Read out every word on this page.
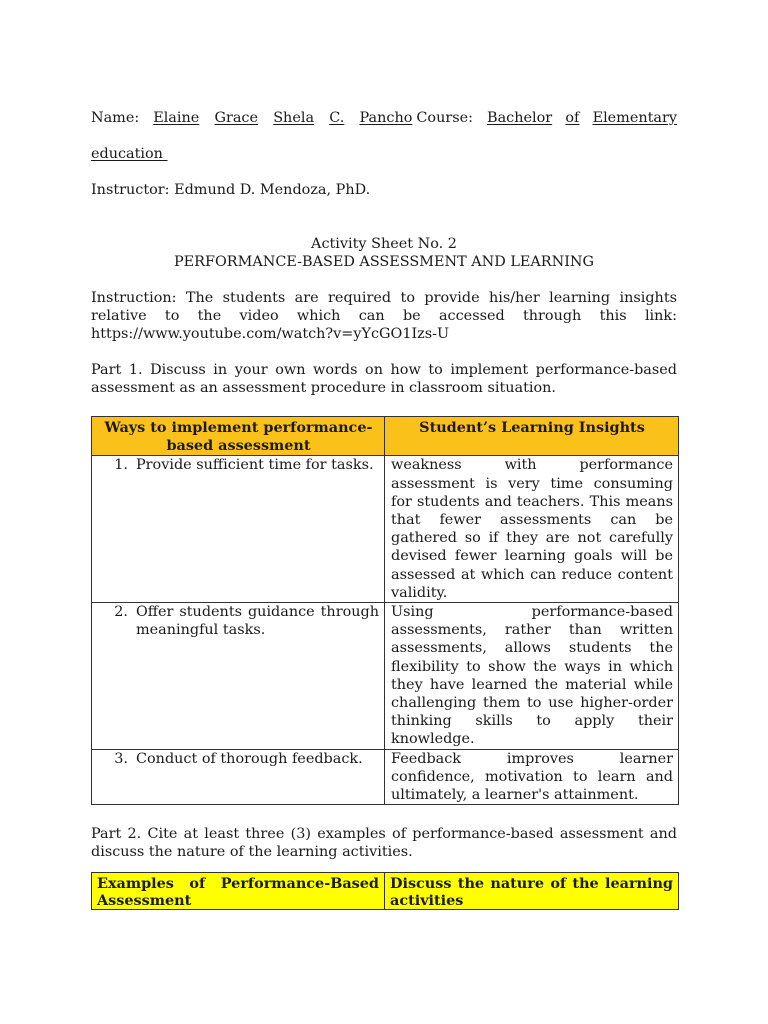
Name: Elaine Grace Shela C. Pancho Course: Bachelor of Elementary

education

Instructor: Edmund D. Mendoza, PhD.

Activity Sheet No. 2

PERFORMANCE-BASED ASSESSMENT AND LEARNING

Instruction: The students are required to provide his/her learning insights relative to the video which can be accessed through this link: https://www.youtube.com/watch?v=yYcGO1Izs-U

Part 1. Discuss in your own words on how to implement performance-based assessment as an assessment procedure in classroom situation.

Ways to implement performance-based assessment	Student’s Learning Insights

1. Provide sufficient time for tasks.	weakness with performance assessment is very time consuming for students and teachers. This means that fewer assessments can be gathered so if they are not carefully devised fewer learning goals will be assessed at which can reduce content validity.

2. Offer students guidance through meaningful tasks.	Using performance-based assessments, rather than written assessments, allows students the flexibility to show the ways in which they have learned the material while challenging them to use higher-order thinking skills to apply their knowledge.

3. Conduct of thorough feedback.	Feedback improves learner confidence, motivation to learn and ultimately, a learner's attainment.

Part 2. Cite at least three (3) examples of performance-based assessment and discuss the nature of the learning activities.

Examples of Performance-Based Assessment	Discuss the nature of the learning activities
